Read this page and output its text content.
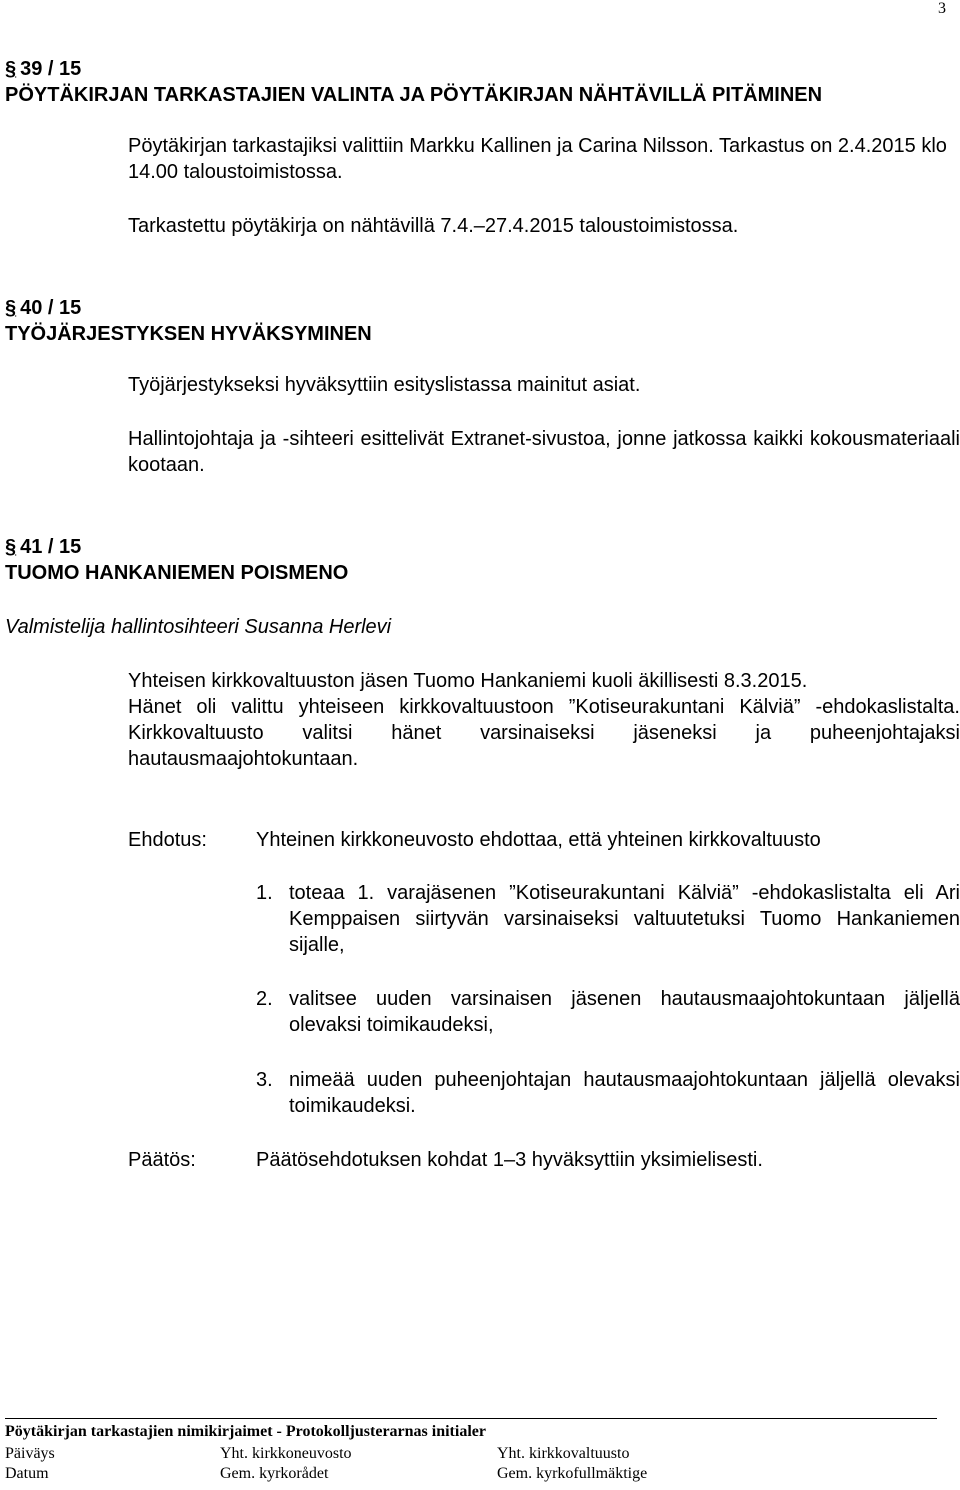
3
§ 39 / 15
PÖYTÄKIRJAN TARKASTAJIEN VALINTA JA PÖYTÄKIRJAN NÄHTÄVILLÄ PITÄMINEN
Pöytäkirjan tarkastajiksi valittiin Markku Kallinen ja Carina Nilsson. Tarkastus on 2.4.2015 klo 14.00 taloustoimistossa.
Tarkastettu pöytäkirja on nähtävillä 7.4.–27.4.2015 taloustoimistossa.
§ 40 / 15
TYÖJÄRJESTYKSEN HYVÄKSYMINEN
Työjärjestykseksi hyväksyttiin esityslistassa mainitut asiat.
Hallintojohtaja ja -sihteeri esittelivät Extranet-sivustoa, jonne jatkossa kaikki kokousmateriaali kootaan.
§ 41 / 15
TUOMO HANKANIEMEN POISMENO
Valmistelija hallintosihteeri Susanna Herlevi
Yhteisen kirkkovaltuuston jäsen Tuomo Hankaniemi kuoli äkillisesti 8.3.2015.
Hänet oli valittu yhteiseen kirkkovaltuustoon ”Kotiseurakuntani Kälviä” -ehdokaslistalta. Kirkkovaltuusto valitsi hänet varsinaiseksi jäseneksi ja puheenjohtajaksi hautausmaajohtokuntaan.
Ehdotus: Yhteinen kirkkoneuvosto ehdottaa, että yhteinen kirkkovaltuusto
1. toteaa 1. varajäsenen ”Kotiseurakuntani Kälviä” -ehdokaslistalta eli Ari Kemppaisen siirtyvän varsinaiseksi valtuutetuksi Tuomo Hankaniemen sijalle,
2. valitsee uuden varsinaisen jäsenen hautausmaajohtokuntaan jäljellä olevaksi toimikaudeksi,
3. nimeää uuden puheenjohtajan hautausmaajohtokuntaan jäljellä olevaksi toimikaudeksi.
Päätös:	Päätösehdotuksen kohdat 1–3 hyväksyttiin yksimielisesti.
Pöytäkirjan tarkastajien nimikirjaimet - Protokolljusterarnas initialer
Päiväys
Datum
Yht. kirkkoneuvosto
Gem. kyrkorådet
Yht. kirkkovaltuusto
Gem. kyrkofullmäktige
